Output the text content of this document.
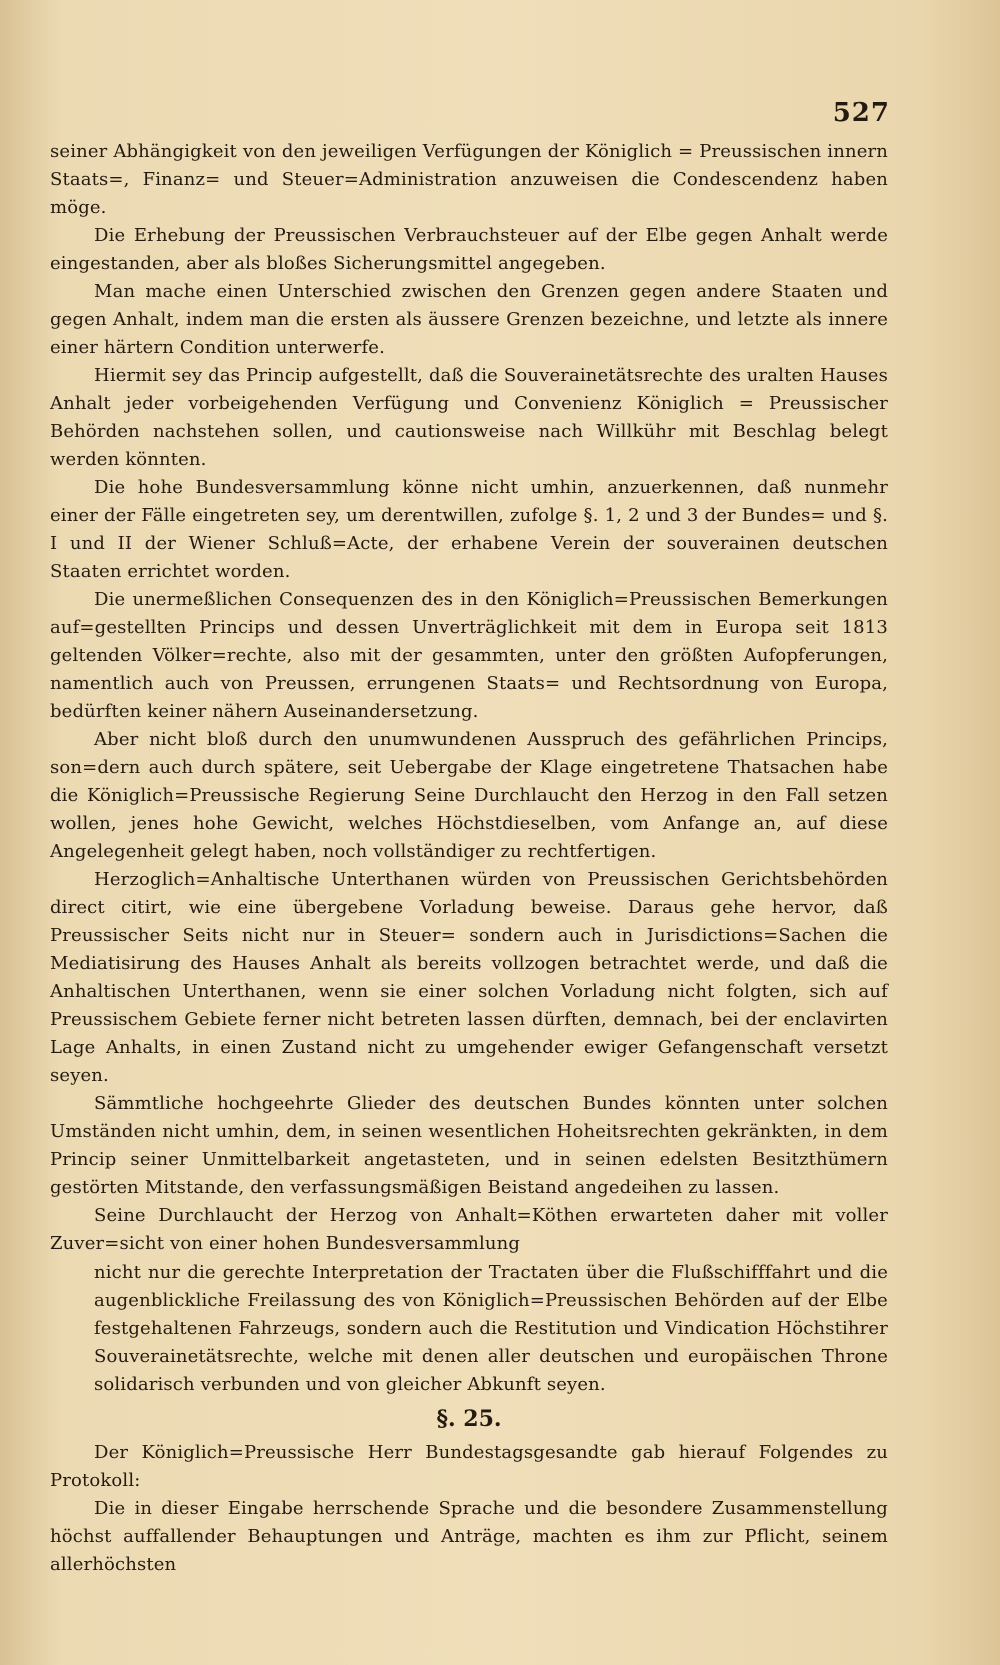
527

seiner Abhängigkeit von den jeweiligen Verfügungen der Königlich = Preussischen innern Staats=, Finanz= und Steuer=Administration anzuweisen die Condescendenz haben möge.

Die Erhebung der Preussischen Verbrauchsteuer auf der Elbe gegen Anhalt werde eingestanden, aber als bloßes Sicherungsmittel angegeben.

Man mache einen Unterschied zwischen den Grenzen gegen andere Staaten und gegen Anhalt, indem man die ersten als äussere Grenzen bezeichne, und letzte als innere einer härtern Condition unterwerfe.

Hiermit sey das Princip aufgestellt, daß die Souverainetätsrechte des uralten Hauses Anhalt jeder vorbeigehenden Verfügung und Convenienz Königlich = Preussischer Behörden nachstehen sollen, und cautionsweise nach Willkühr mit Beschlag belegt werden könnten.

Die hohe Bundesversammlung könne nicht umhin, anzuerkennen, daß nunmehr einer der Fälle eingetreten sey, um derentwillen, zufolge §. 1, 2 und 3 der Bundes= und §. I und II der Wiener Schluß=Acte, der erhabene Verein der souverainen deutschen Staaten errichtet worden.

Die unermeßlichen Consequenzen des in den Königlich=Preussischen Bemerkungen auf=gestellten Princips und dessen Unverträglichkeit mit dem in Europa seit 1813 geltenden Völker=rechte, also mit der gesammten, unter den größten Aufopferungen, namentlich auch von Preussen, errungenen Staats= und Rechtsordnung von Europa, bedürften keiner nähern Auseinandersetzung.

Aber nicht bloß durch den unumwundenen Ausspruch des gefährlichen Princips, son=dern auch durch spätere, seit Uebergabe der Klage eingetretene Thatsachen habe die Königlich=Preussische Regierung Seine Durchlaucht den Herzog in den Fall setzen wollen, jenes hohe Gewicht, welches Höchstdieselben, vom Anfange an, auf diese Angelegenheit gelegt haben, noch vollständiger zu rechtfertigen.

Herzoglich=Anhaltische Unterthanen würden von Preussischen Gerichtsbehörden direct citirt, wie eine übergebene Vorladung beweise. Daraus gehe hervor, daß Preussischer Seits nicht nur in Steuer= sondern auch in Jurisdictions=Sachen die Mediatisirung des Hauses Anhalt als bereits vollzogen betrachtet werde, und daß die Anhaltischen Unterthanen, wenn sie einer solchen Vorladung nicht folgten, sich auf Preussischem Gebiete ferner nicht betreten lassen dürften, demnach, bei der enclavirten Lage Anhalts, in einen Zustand nicht zu umgehender ewiger Gefangenschaft versetzt seyen.

Sämmtliche hochgeehrte Glieder des deutschen Bundes könnten unter solchen Umständen nicht umhin, dem, in seinen wesentlichen Hoheitsrechten gekränkten, in dem Princip seiner Unmittelbarkeit angetasteten, und in seinen edelsten Besitzthümern gestörten Mitstande, den verfassungsmäßigen Beistand angedeihen zu lassen.

Seine Durchlaucht der Herzog von Anhalt=Köthen erwarteten daher mit voller Zuver=sicht von einer hohen Bundesversammlung

nicht nur die gerechte Interpretation der Tractaten über die Flußschifffahrt und die augenblickliche Freilassung des von Königlich=Preussischen Behörden auf der Elbe festgehaltenen Fahrzeugs, sondern auch die Restitution und Vindication Höchstihrer Souverainetätsrechte, welche mit denen aller deutschen und europäischen Throne solidarisch verbunden und von gleicher Abkunft seyen.

§. 25.

Der Königlich=Preussische Herr Bundestagsgesandte gab hierauf Folgendes zu Protokoll:

Die in dieser Eingabe herrschende Sprache und die besondere Zusammenstellung höchst auffallender Behauptungen und Anträge, machten es ihm zur Pflicht, seinem allerhöchsten
